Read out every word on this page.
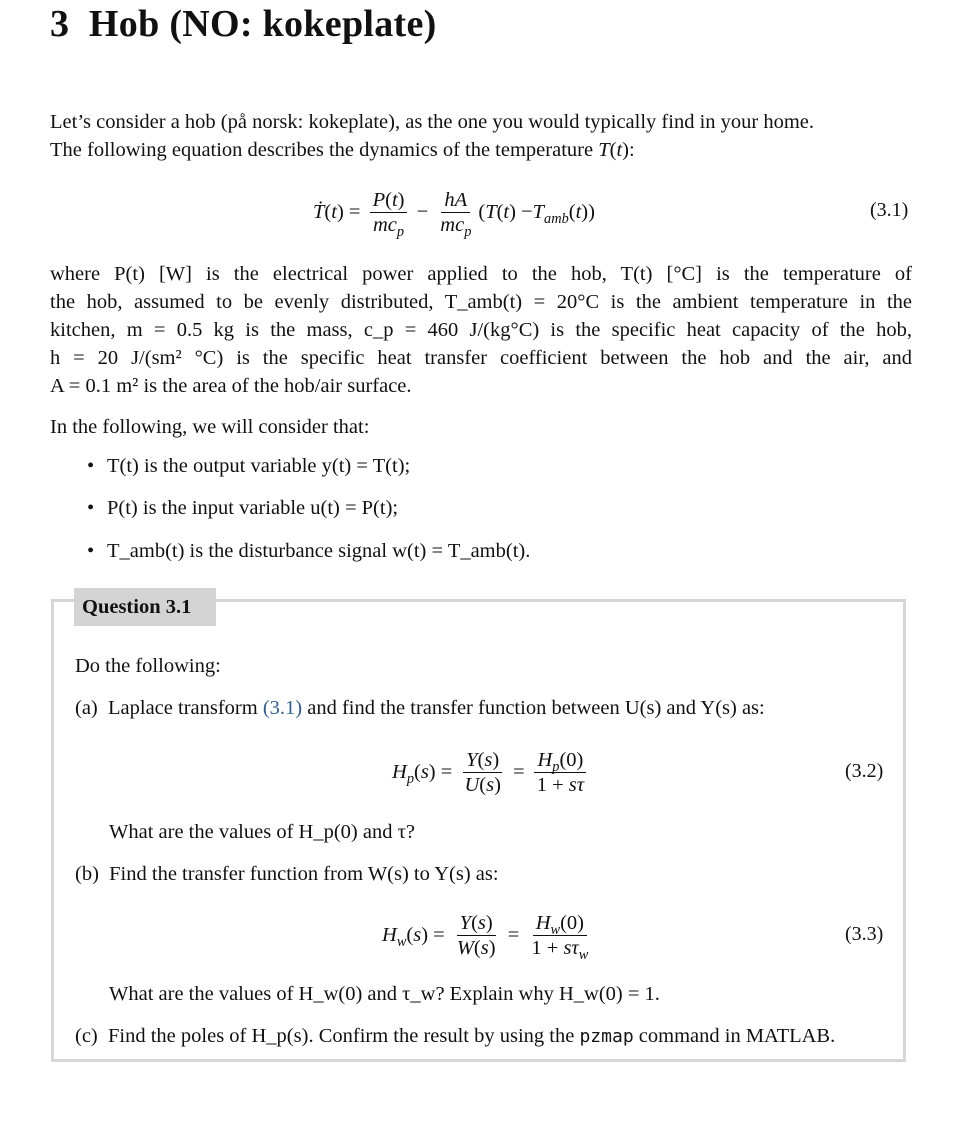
3 Hob (NO: kokeplate)
Let’s consider a hob (på norsk: kokeplate), as the one you would typically find in your home.
The following equation describes the dynamics of the temperature T(t):
Ṫ ( t ) = $\frac{P(t)}{mc_p} - \frac{hA}{mc_p}$ ( T ( t ) − $T_{amb}$ ( t ))	(3.1)
where P(t) [W] is the electrical power applied to the hob, T(t) [°C] is the temperature of
the hob, assumed to be evenly distributed, T_amb(t) = 20°C is the ambient temperature in the
kitchen, m = 0.5 kg is the mass, c_p = 460 J/(kg°C) is the specific heat capacity of the hob,
h = 20 J/(sm² °C) is the specific heat transfer coefficient between the hob and the air, and
A = 0.1 m² is the area of the hob/air surface.
In the following, we will consider that:
• T(t) is the output variable y(t) = T(t);
• P(t) is the input variable u(t) = P(t);
• T_amb(t) is the disturbance signal w(t) = T_amb(t).
Question 3.1
Do the following:
(a) Laplace transform (3.1) and find the transfer function between U(s) and Y(s) as:
$H_p$ ( s ) = $\frac{Y(s)}{U(s)} = \frac{H_p(0)}{1 + s\tau}$	(3.2)
What are the values of H_p(0) and τ?
(b) Find the transfer function from W(s) to Y(s) as:
$H_w$ ( s ) = $\frac{Y(s)}{W(s)} = \frac{H_w(0)}{1 + s\tau_w}$	(3.3)
What are the values of H_w(0) and τ_w? Explain why H_w(0) = 1.
(c) Find the poles of H_p(s). Confirm the result by using the pzmap command in MATLAB.
